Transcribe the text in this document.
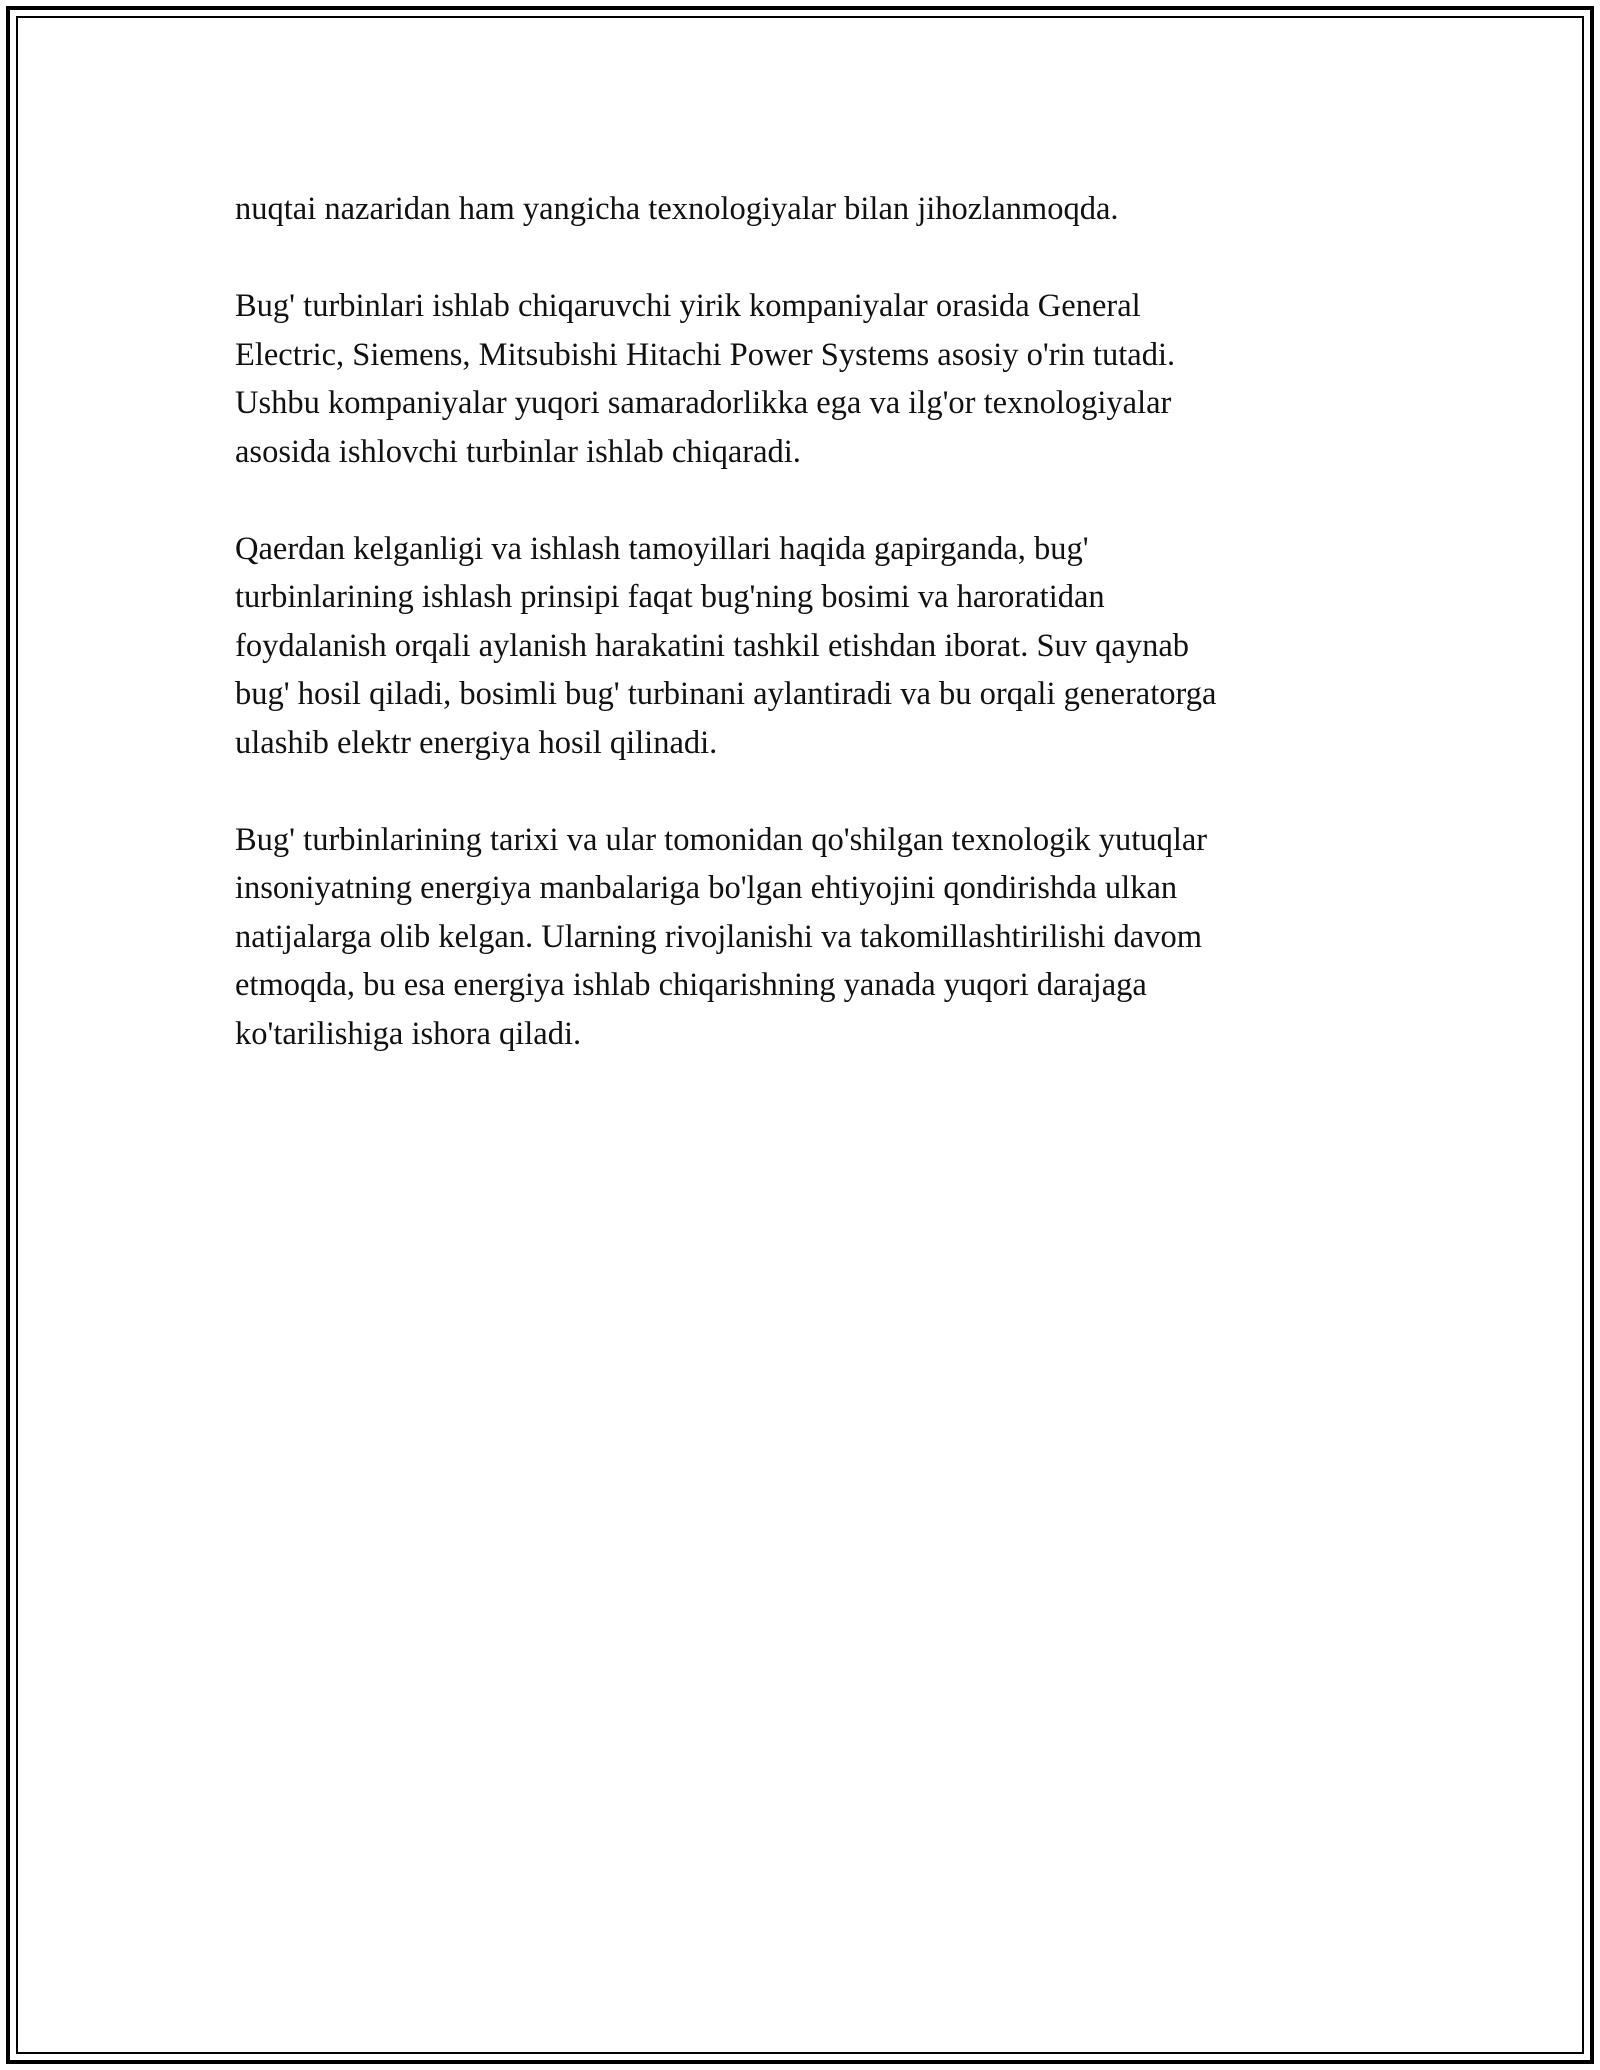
nuqtai nazaridan ham yangicha texnologiyalar bilan jihozlanmoqda.

Bug' turbinlari ishlab chiqaruvchi yirik kompaniyalar orasida General
Electric, Siemens, Mitsubishi Hitachi Power Systems asosiy o'rin tutadi.
Ushbu kompaniyalar yuqori samaradorlikka ega va ilg'or texnologiyalar
asosida ishlovchi turbinlar ishlab chiqaradi.

Qaerdan kelganligi va ishlash tamoyillari haqida gapirganda, bug'
turbinlarining ishlash prinsipi faqat bug'ning bosimi va haroratidan
foydalanish orqali aylanish harakatini tashkil etishdan iborat. Suv qaynab
bug' hosil qiladi, bosimli bug' turbinani aylantiradi va bu orqali generatorga
ulashib elektr energiya hosil qilinadi.

Bug' turbinlarining tarixi va ular tomonidan qo'shilgan texnologik yutuqlar
insoniyatning energiya manbalariga bo'lgan ehtiyojini qondirishda ulkan
natijalarga olib kelgan. Ularning rivojlanishi va takomillashtirilishi davom
etmoqda, bu esa energiya ishlab chiqarishning yanada yuqori darajaga
ko'tarilishiga ishora qiladi.
